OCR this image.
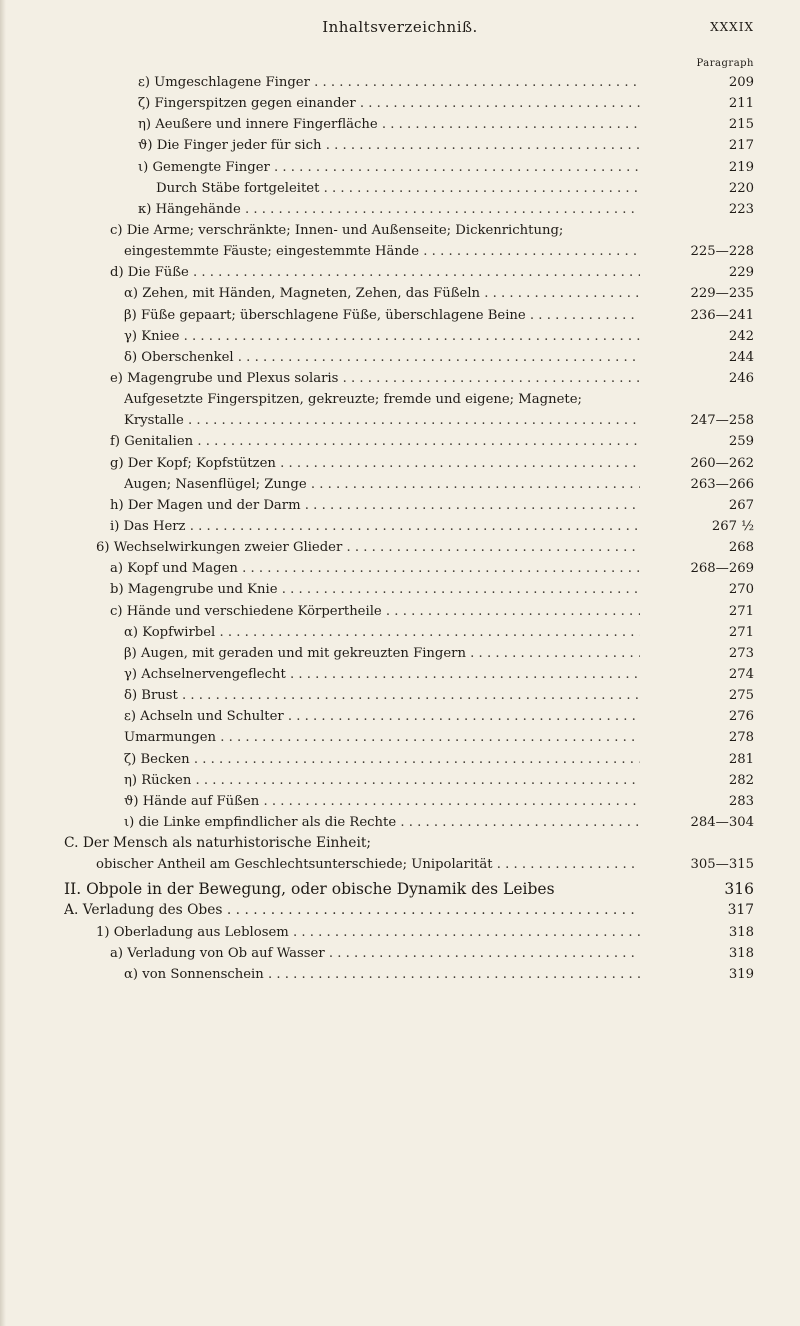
Inhaltsverzeichniß.	XXXIX
Paragraph
ε) Umgeschlagene Finger . . .	209
ζ) Fingerspitzen gegen einander . . .	211
η) Aeußere und innere Fingerfläche . . .	215
ϑ) Die Finger jeder für sich . . .	217
ι) Gemengte Finger . . .	219
Durch Stäbe fortgeleitet . . .	220
κ) Hängehände . . .	223
c) Die Arme; verschränkte; Innen- und Außenseite; Dickenrichtung;
eingestemmte Fäuste; eingestemmte Hände . . .	225—228
d) Die Füße . . .	229
α) Zehen, mit Händen, Magneten, Zehen, das Füßeln . . .	229—235
β) Füße gepaart; überschlagene Füße, überschlagene Beine . . .	236—241
γ) Kniee . . .	242
δ) Oberschenkel . . .	244
e) Magengrube und Plexus solaris . . .	246
Aufgesetzte Fingerspitzen, gekreuzte; fremde und eigene; Magnete;
Krystalle . . .	247—258
f) Genitalien . . .	259
g) Der Kopf; Kopfstützen . . .	260—262
Augen; Nasenflügel; Zunge . . .	263—266
h) Der Magen und der Darm . . .	267
i) Das Herz . . .	267 ½
6) Wechselwirkungen zweier Glieder . . .	268
a) Kopf und Magen . . .	268—269
b) Magengrube und Knie . . .	270
c) Hände und verschiedene Körpertheile . . .	271
α) Kopfwirbel . . .	271
β) Augen, mit geraden und mit gekreuzten Fingern . . .	273
γ) Achselnervengeflecht . . .	274
δ) Brust . . .	275
ε) Achseln und Schulter . . .	276
Umarmungen . . .	278
ζ) Becken . . .	281
η) Rücken . . .	282
ϑ) Hände auf Füßen . . .	283
ι) die Linke empfindlicher als die Rechte . . .	284—304
C. Der Mensch als naturhistorische Einheit;
obischer Antheil am Geschlechtsunterschiede; Unipolarität . . .	305—315
II. Obpole in der Bewegung, oder obische Dynamik des Leibes	316
A. Verladung des Obes . . .	317
1) Oberladung aus Leblosem . . .	318
a) Verladung von Ob auf Wasser . . .	318
α) von Sonnenschein . . .	319
